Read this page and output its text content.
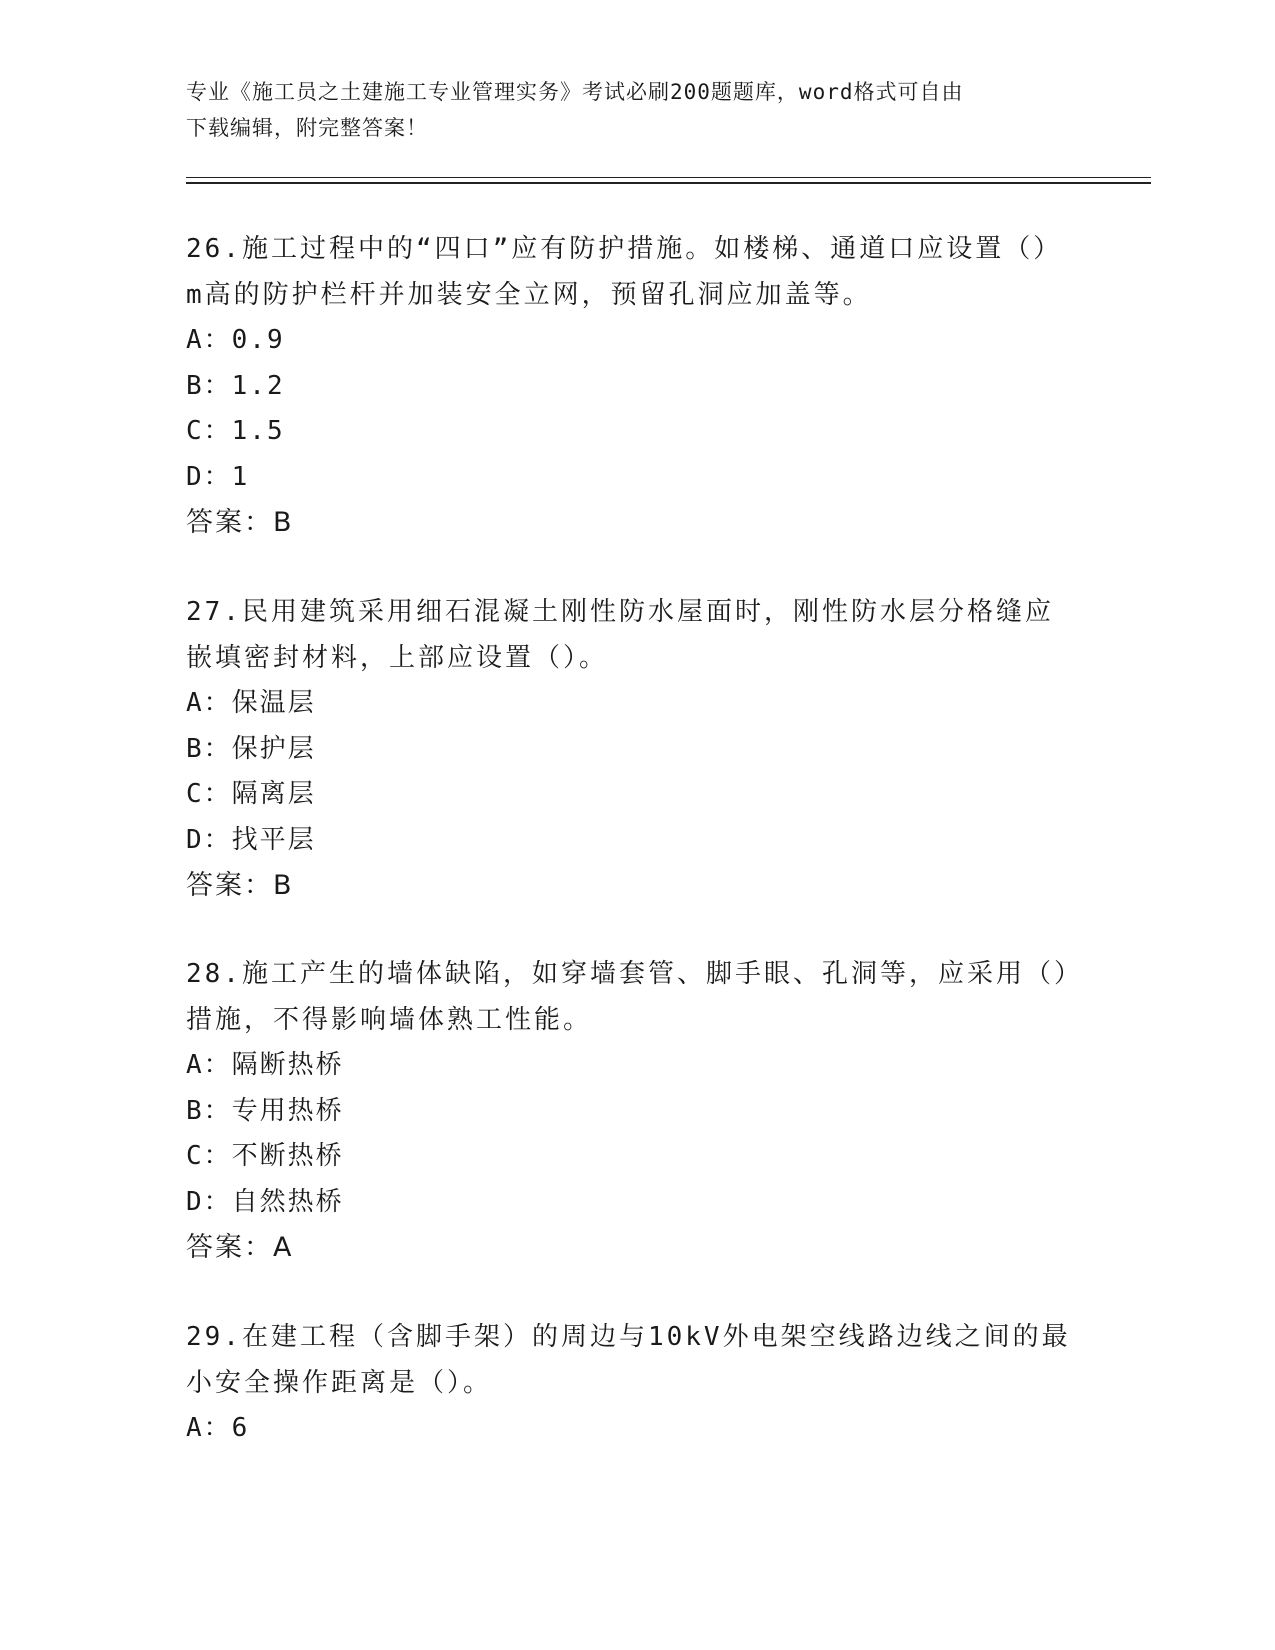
专业《施工员之土建施工专业管理实务》考试必刷200题题库，word格式可自由
下载编辑，附完整答案！

26.施工过程中的“四口”应有防护措施。如楼梯、通道口应设置（）m高的防护栏杆并加装安全立网，预留孔洞应加盖等。

A：0.9

B：1.2

C：1.5

D：1

答案：B

27.民用建筑采用细石混凝土刚性防水屋面时，刚性防水层分格缝应嵌填密封材料，上部应设置（）。

A：保温层

B：保护层

C：隔离层

D：找平层

答案：B

28.施工产生的墙体缺陷，如穿墙套管、脚手眼、孔洞等，应采用（）措施，不得影响墙体熟工性能。

A：隔断热桥

B：专用热桥

C：不断热桥

D：自然热桥

答案：A

29.在建工程（含脚手架）的周边与10kV外电架空线路边线之间的最小安全操作距离是（）。

A：6
